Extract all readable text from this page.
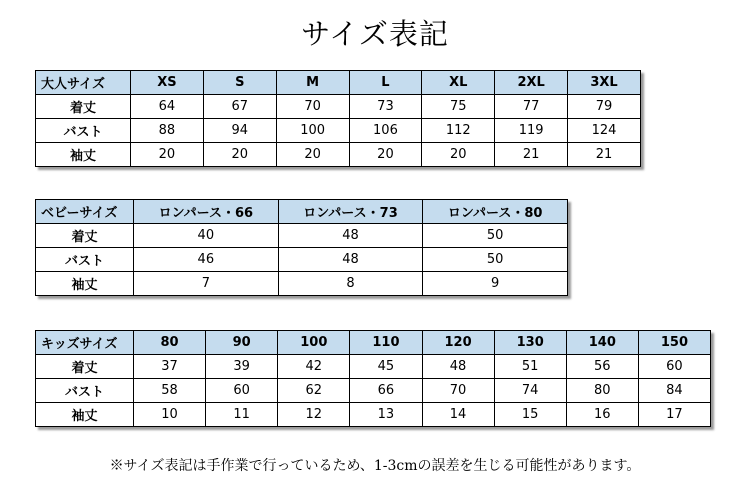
サイズ表記
大人サイズ	XS	S	M	L	XL	2XL	3XL
着丈	64	67	70	73	75	77	79
バスト	88	94	100	106	112	119	124
袖丈	20	20	20	20	20	21	21
ベビーサイズ	ロンパース・66	ロンパース・73	ロンパース・80
着丈	40	48	50
バスト	46	48	50
袖丈	7	8	9
キッズサイズ	80	90	100	110	120	130	140	150
着丈	37	39	42	45	48	51	56	60
バスト	58	60	62	66	70	74	80	84
袖丈	10	11	12	13	14	15	16	17
※サイズ表記は手作業で行っているため、1-3cmの誤差を生じる可能性があります。
